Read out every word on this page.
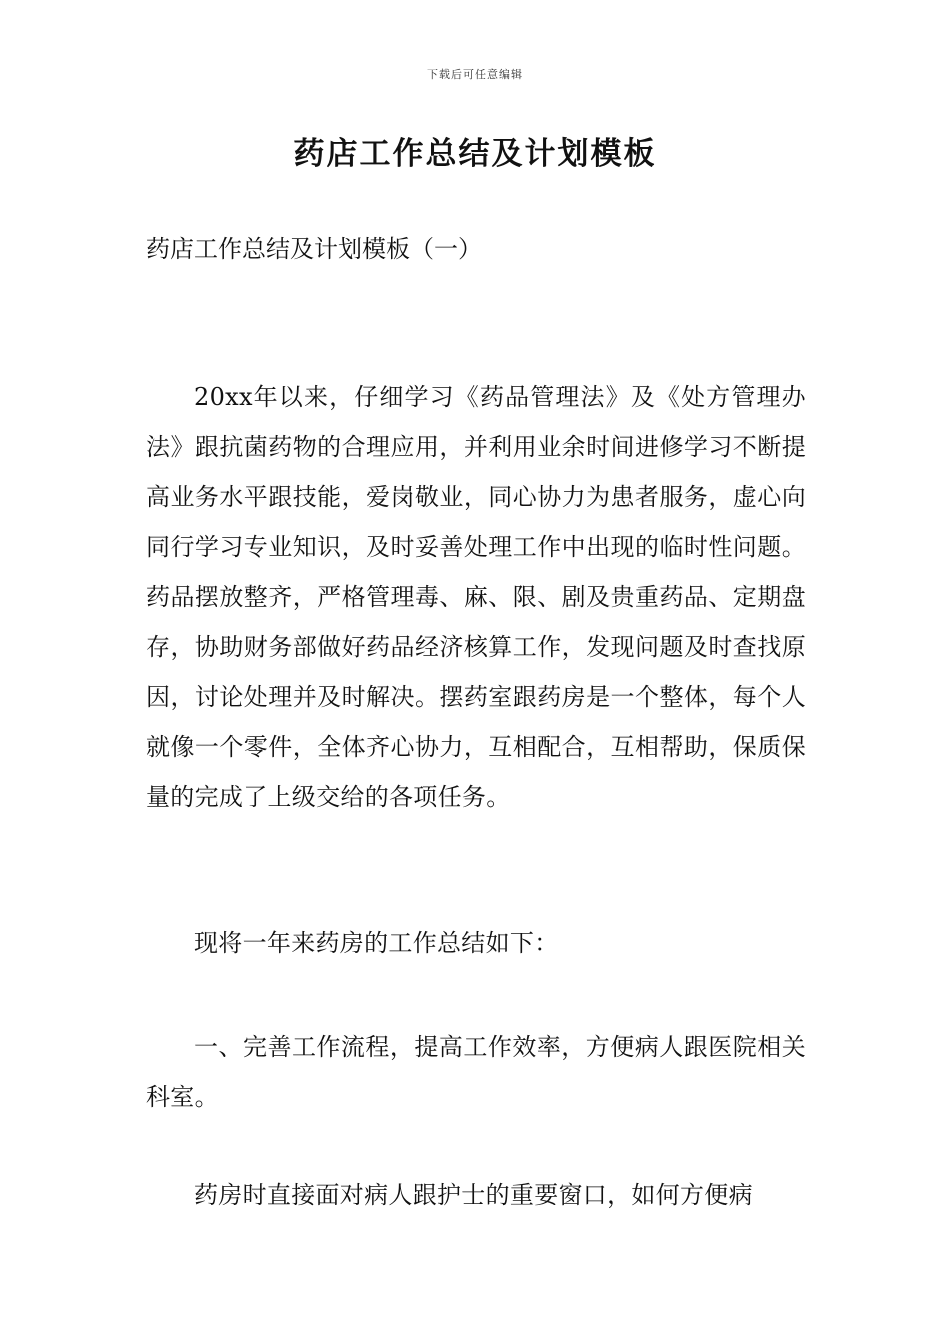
下载后可任意编辑
药店工作总结及计划模板

药店工作总结及计划模板（一）

20xx年以来，仔细学习《药品管理法》及《处方管理办法》跟抗菌药物的合理应用，并利用业余时间进修学习不断提高业务水平跟技能，爱岗敬业，同心协力为患者服务，虚心向同行学习专业知识，及时妥善处理工作中出现的临时性问题。药品摆放整齐，严格管理毒、麻、限、剧及贵重药品、定期盘存，协助财务部做好药品经济核算工作，发现问题及时查找原因，讨论处理并及时解决。摆药室跟药房是一个整体，每个人就像一个零件，全体齐心协力，互相配合，互相帮助，保质保量的完成了上级交给的各项任务。

现将一年来药房的工作总结如下：

一、完善工作流程，提高工作效率，方便病人跟医院相关科室。

药房时直接面对病人跟护士的重要窗口，如何方便病
